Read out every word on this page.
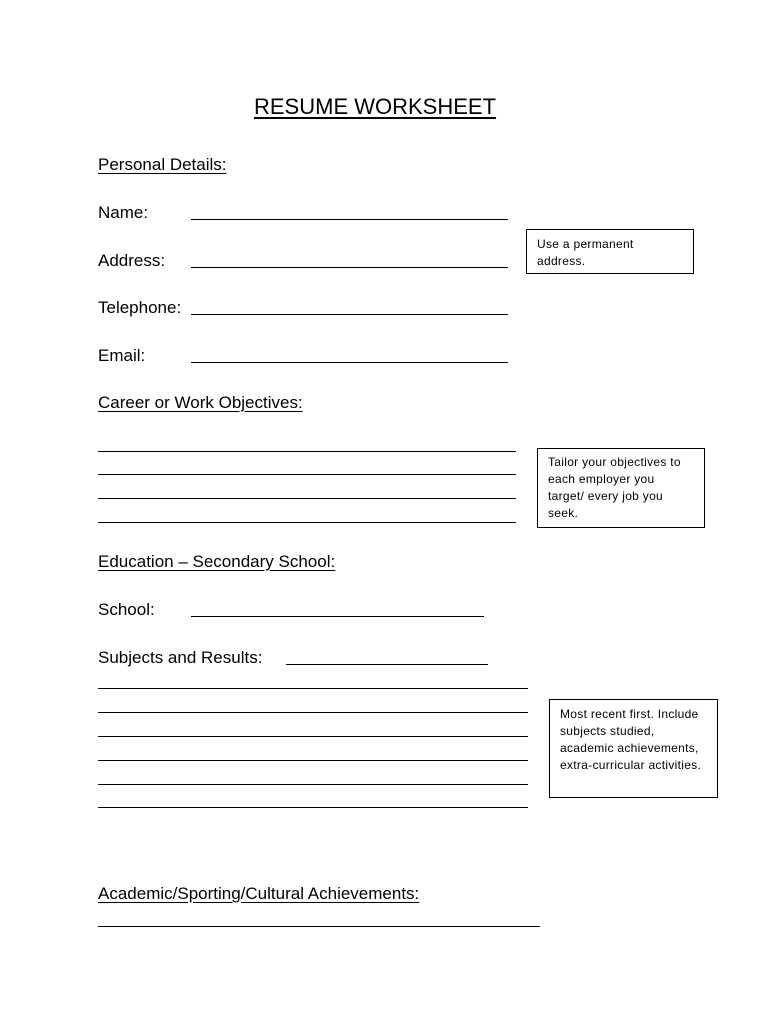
RESUME WORKSHEET
Personal Details:
Name:
Address:
Telephone:
Email:
Use a permanent address.
Career or Work Objectives:
Tailor your objectives to each employer you target/ every job you seek.
Education – Secondary School:
School:
Subjects and Results:
Most recent first. Include subjects studied, academic achievements, extra-curricular activities.
Academic/Sporting/Cultural Achievements:
